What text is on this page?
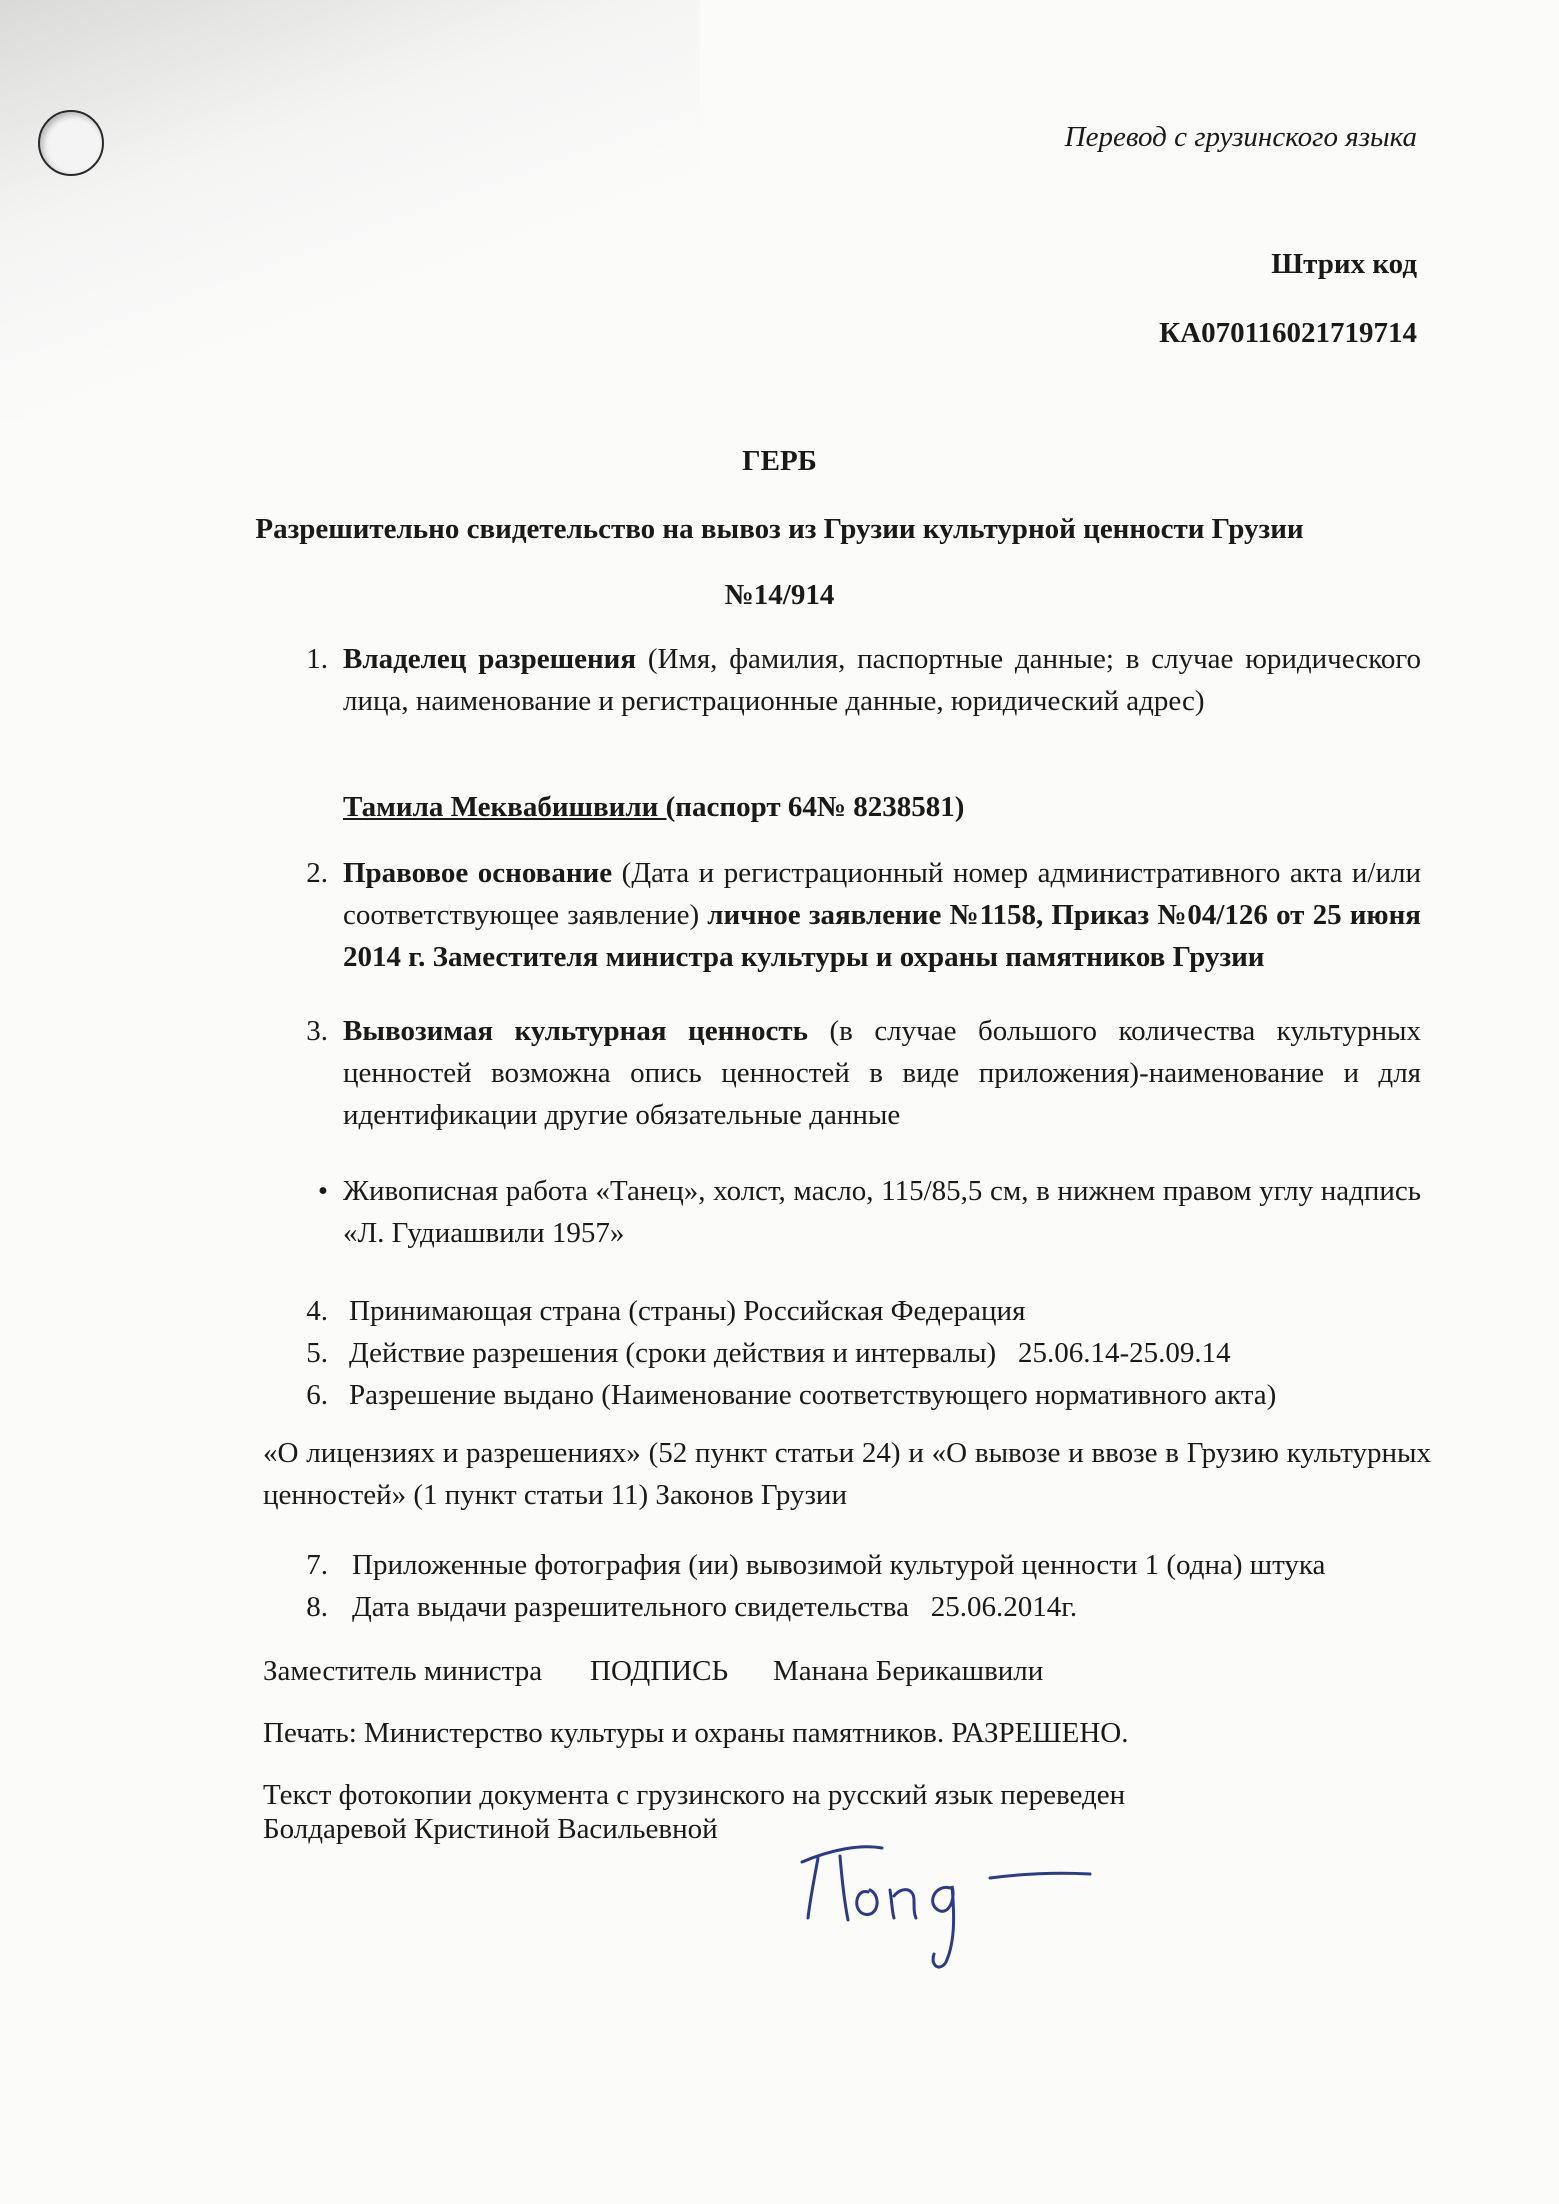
Перевод с грузинского языка
Штрих код
КА070116021719714
ГЕРБ
Разрешительно свидетельство на вывоз из Грузии культурной ценности Грузии
№14/914
1. Владелец разрешения (Имя, фамилия, паспортные данные; в случае юридического лица, наименование и регистрационные данные, юридический адрес)
Тамила Меквабишвили (паспорт 64№ 8238581)
2. Правовое основание (Дата и регистрационный номер административного акта и/или соответствующее заявление) личное заявление №1158, Приказ №04/126 от 25 июня 2014 г. Заместителя министра культуры и охраны памятников Грузии
3. Вывозимая культурная ценность (в случае большого количества культурных ценностей возможна опись ценностей в виде приложения)-наименование и для идентификации другие обязательные данные
• Живописная работа «Танец», холст, масло, 115/85,5 см, в нижнем правом углу надпись «Л. Гудиашвили 1957»
4. Принимающая страна (страны) Российская Федерация
5. Действие разрешения (сроки действия и интервалы)   25.06.14-25.09.14
6. Разрешение выдано (Наименование соответствующего нормативного акта)
«О лицензиях и разрешениях» (52 пункт статьи 24) и «О вывозе и ввозе в Грузию культурных ценностей» (1 пункт статьи 11) Законов Грузии
7. Приложенные фотография (ии) вывозимой культурой ценности 1 (одна) штука
8. Дата выдачи разрешительного свидетельства   25.06.2014г.
Заместитель министра ПОДПИСЬ Манана Берикашвили
Печать: Министерство культуры и охраны памятников. РАЗРЕШЕНО.
Текст фотокопии документа с грузинского на русский язык переведен
Болдаревой Кристиной Васильевной
